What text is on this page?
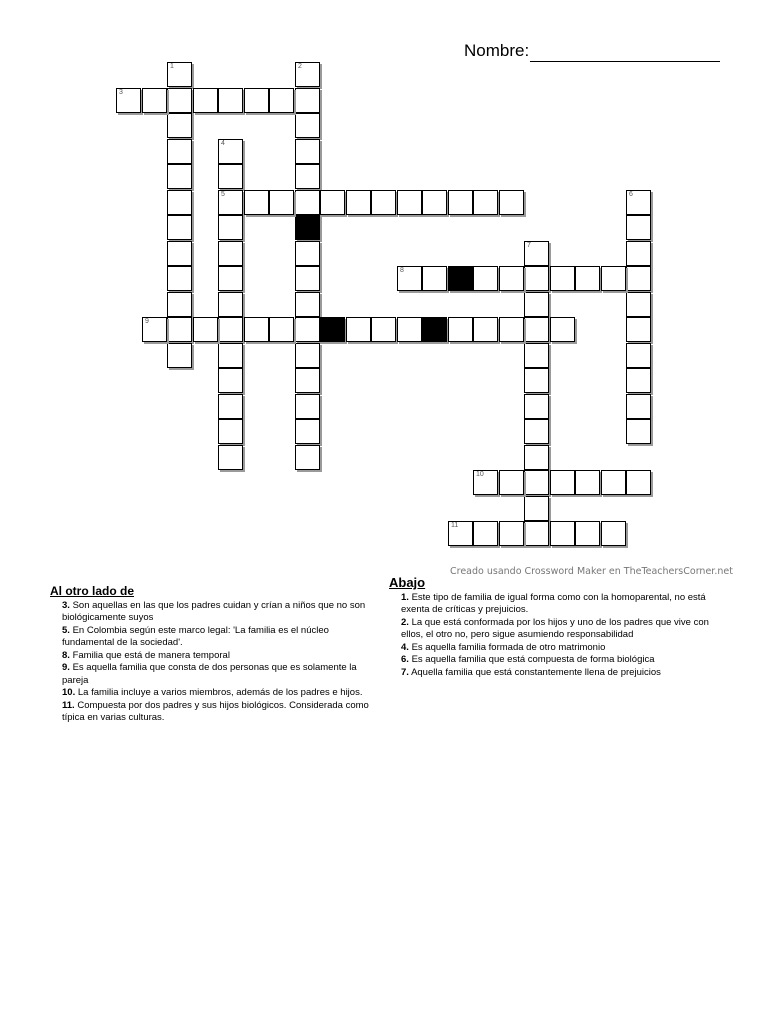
Nombre:
1	2
3
4
5	6
7
8
9
10
11
Creado usando Crossword Maker en TheTeachersCorner.net
Al otro lado de
3. Son aquellas en las que los padres cuidan y crían a niños que no son biológicamente suyos
5. En Colombia según este marco legal: 'La familia es el núcleo fundamental de la sociedad'.
8. Familia que está de manera temporal
9. Es aquella familia que consta de dos personas que es solamente la pareja
10. La familia incluye a varios miembros, además de los padres e hijos.
11. Compuesta por dos padres y sus hijos biológicos. Considerada como típica en varias culturas.
Abajo
1. Este tipo de familia de igual forma como con la homoparental, no está exenta de críticas y prejuicios.
2. La que está conformada por los hijos y uno de los padres que vive con ellos, el otro no, pero sigue asumiendo responsabilidad
4. Es aquella familia formada de otro matrimonio
6. Es aquella familia que está compuesta de forma biológica
7. Aquella familia que está constantemente llena de prejuicios
